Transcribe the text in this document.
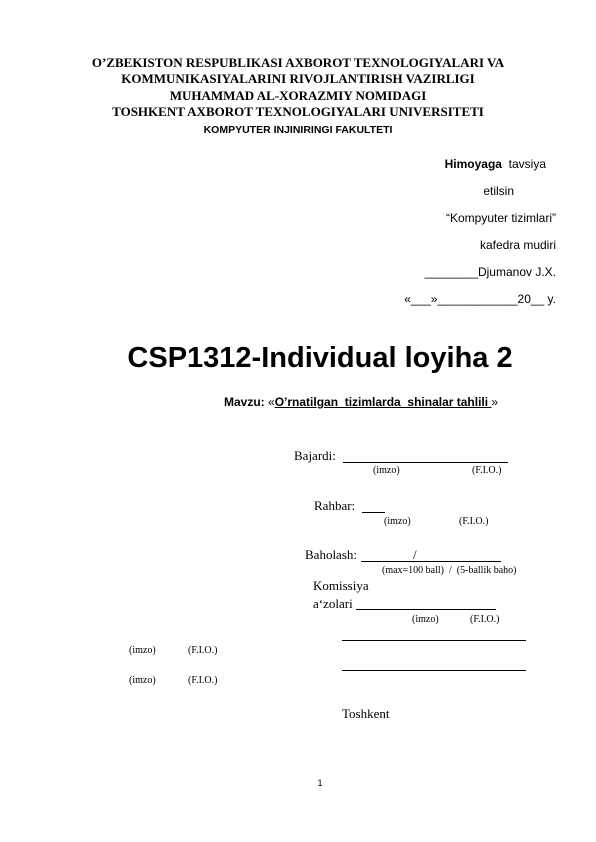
O’ZBEKISTON RESPUBLIKASI AXBOROT TEXNOLOGIYALARI VA
KOMMUNIKASIYALARINI RIVOJLANTIRISH VAZIRLIGI
MUHAMMAD AL-XORAZMIY NOMIDAGI
TOSHKENT AXBOROT TEXNOLOGIYALARI UNIVERSITETI
KOMPYUTER INJINIRINGI FAKULTETI
Himoyaga tavsiya
etilsin
“Kompyuter tizimlari”
kafedra mudiri
________Djumanov J.X.
«___»____________20__ y.
CSP1312-Individual loyiha 2
Mavzu: «O’rnatilgan  tizimlarda  shinalar tahlili »
Bajardi:
(imzo)	(F.I.O.)
Rahbar:
(imzo)	(F.I.O.)
Baholash:	/
(max=100 ball)  /  (5-ballik baho)
Komissiya
a‘zolari
(imzo)	(F.I.O.)
(imzo)	(F.I.O.)
(imzo)	(F.I.O.)
Toshkent
1
